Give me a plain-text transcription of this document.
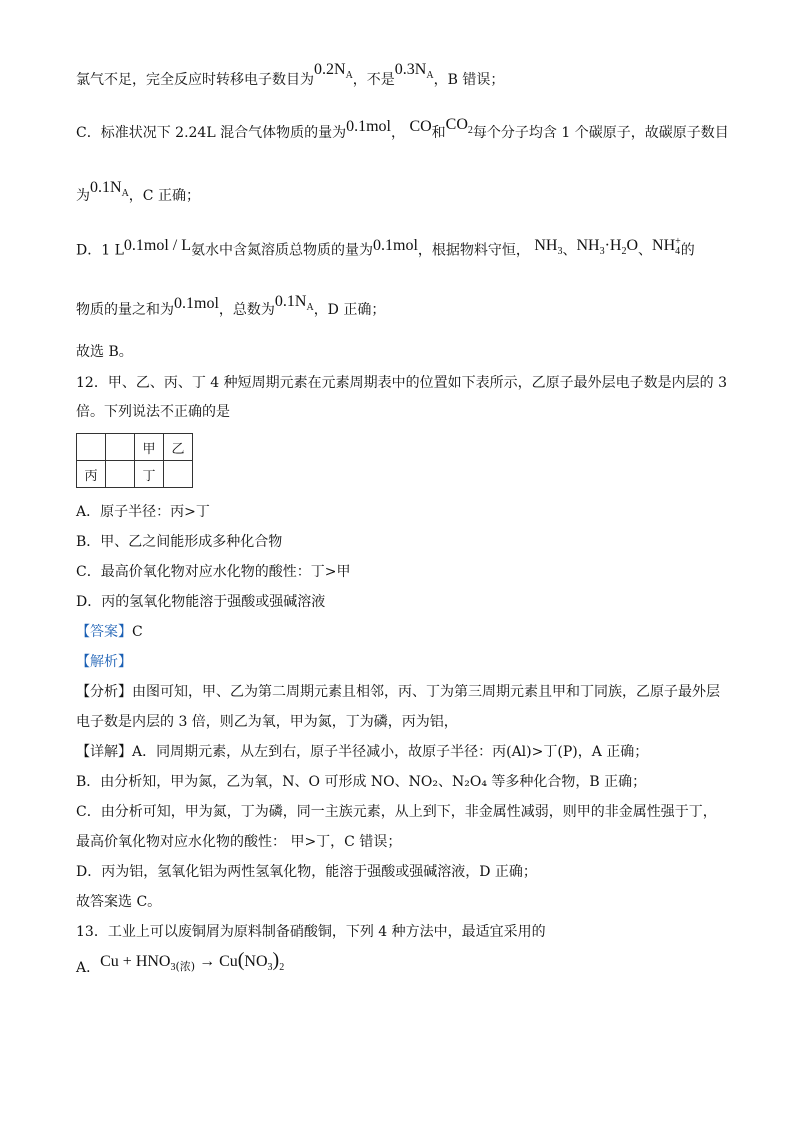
氯气不足，完全反应时转移电子数目为$0.2N_A$，不是$0.3N_A$，B 错误；
C．标准状况下 2.24L 混合气体物质的量为0.1mol， CO和$CO_2$每个分子均含 1 个碳原子，故碳原子数目
为$0.1N_A$，C 正确；
D．1 L0.1mol / L氨水中含氮溶质总物质的量为0.1mol，根据物料守恒， $NH_3$、$NH_3\cdot H_2O$、$NH_4^+$的
物质的量之和为0.1mol，总数为$0.1N_A$，D 正确；
故选 B。
12．甲、乙、丙、丁 4 种短周期元素在元素周期表中的位置如下表所示，乙原子最外层电子数是内层的 3
倍。下列说法不正确的是
		甲	乙
丙		丁	
A．原子半径：丙>丁
B．甲、乙之间能形成多种化合物
C．最高价氧化物对应水化物的酸性：丁>甲
D．丙的氢氧化物能溶于强酸或强碱溶液
【答案】C
【解析】
【分析】由图可知，甲、乙为第二周期元素且相邻，丙、丁为第三周期元素且甲和丁同族，乙原子最外层
电子数是内层的 3 倍，则乙为氧，甲为氮，丁为磷，丙为铝，
【详解】A．同周期元素，从左到右，原子半径减小，故原子半径：丙(Al)>丁(P)，A 正确；
B．由分析知，甲为氮，乙为氧，N、O 可形成 NO、NO₂、N₂O₄ 等多种化合物，B 正确；
C．由分析可知，甲为氮，丁为磷，同一主族元素，从上到下，非金属性减弱，则甲的非金属性强于丁，
最高价氧化物对应水化物的酸性： 甲>丁，C 错误；
D．丙为铝，氢氧化铝为两性氢氧化物，能溶于强酸或强碱溶液，D 正确；
故答案选 C。
13．工业上可以废铜屑为原料制备硝酸铜，下列 4 种方法中，最适宜采用的
A．$Cu + HNO_{3(浓)} \to Cu(NO_3)_2$
